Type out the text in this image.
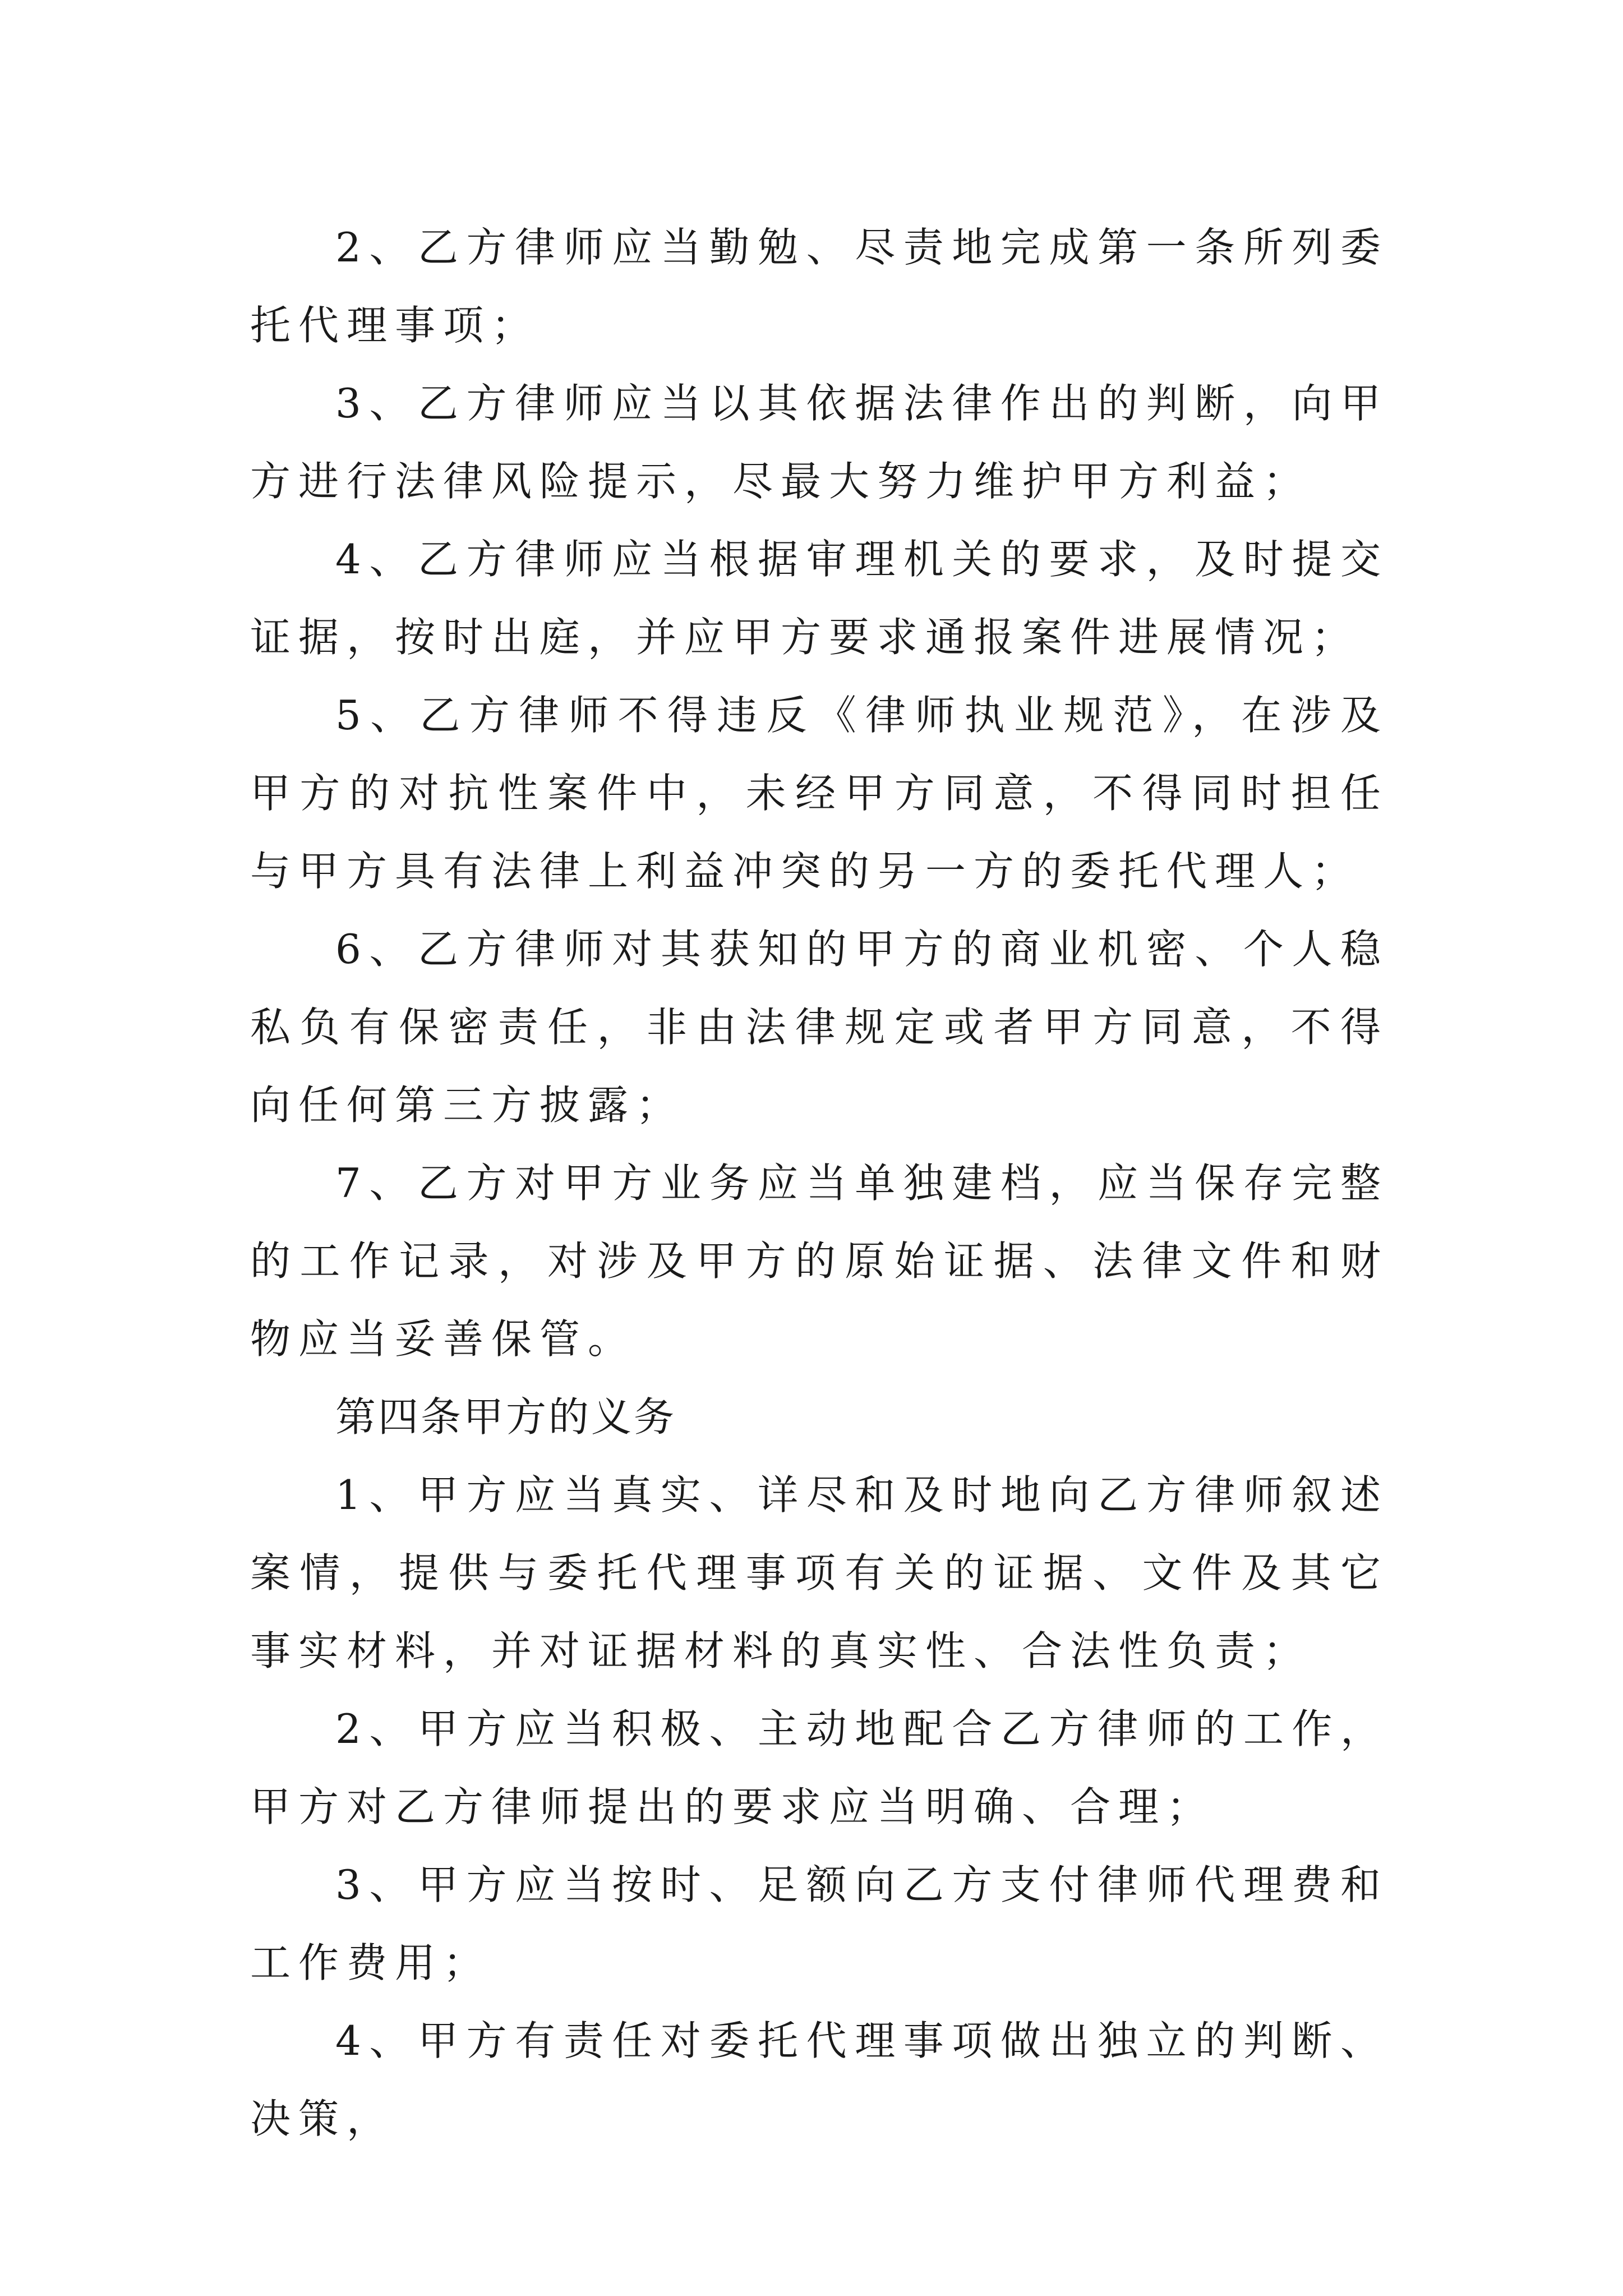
2、乙方律师应当勤勉、尽责地完成第一条所列委托代理事项；

3、乙方律师应当以其依据法律作出的判断，向甲方进行法律风险提示，尽最大努力维护甲方利益；

4、乙方律师应当根据审理机关的要求，及时提交证据，按时出庭，并应甲方要求通报案件进展情况；

5、乙方律师不得违反《律师执业规范》，在涉及甲方的对抗性案件中，未经甲方同意，不得同时担任与甲方具有法律上利益冲突的另一方的委托代理人；

6、乙方律师对其获知的甲方的商业机密、个人稳私负有保密责任，非由法律规定或者甲方同意，不得向任何第三方披露；

7、乙方对甲方业务应当单独建档，应当保存完整的工作记录，对涉及甲方的原始证据、法律文件和财物应当妥善保管。

第四条甲方的义务

1、甲方应当真实、详尽和及时地向乙方律师叙述案情，提供与委托代理事项有关的证据、文件及其它事实材料，并对证据材料的真实性、合法性负责；

2、甲方应当积极、主动地配合乙方律师的工作，甲方对乙方律师提出的要求应当明确、合理；

3、甲方应当按时、足额向乙方支付律师代理费和工作费用；

4、甲方有责任对委托代理事项做出独立的判断、决策，
